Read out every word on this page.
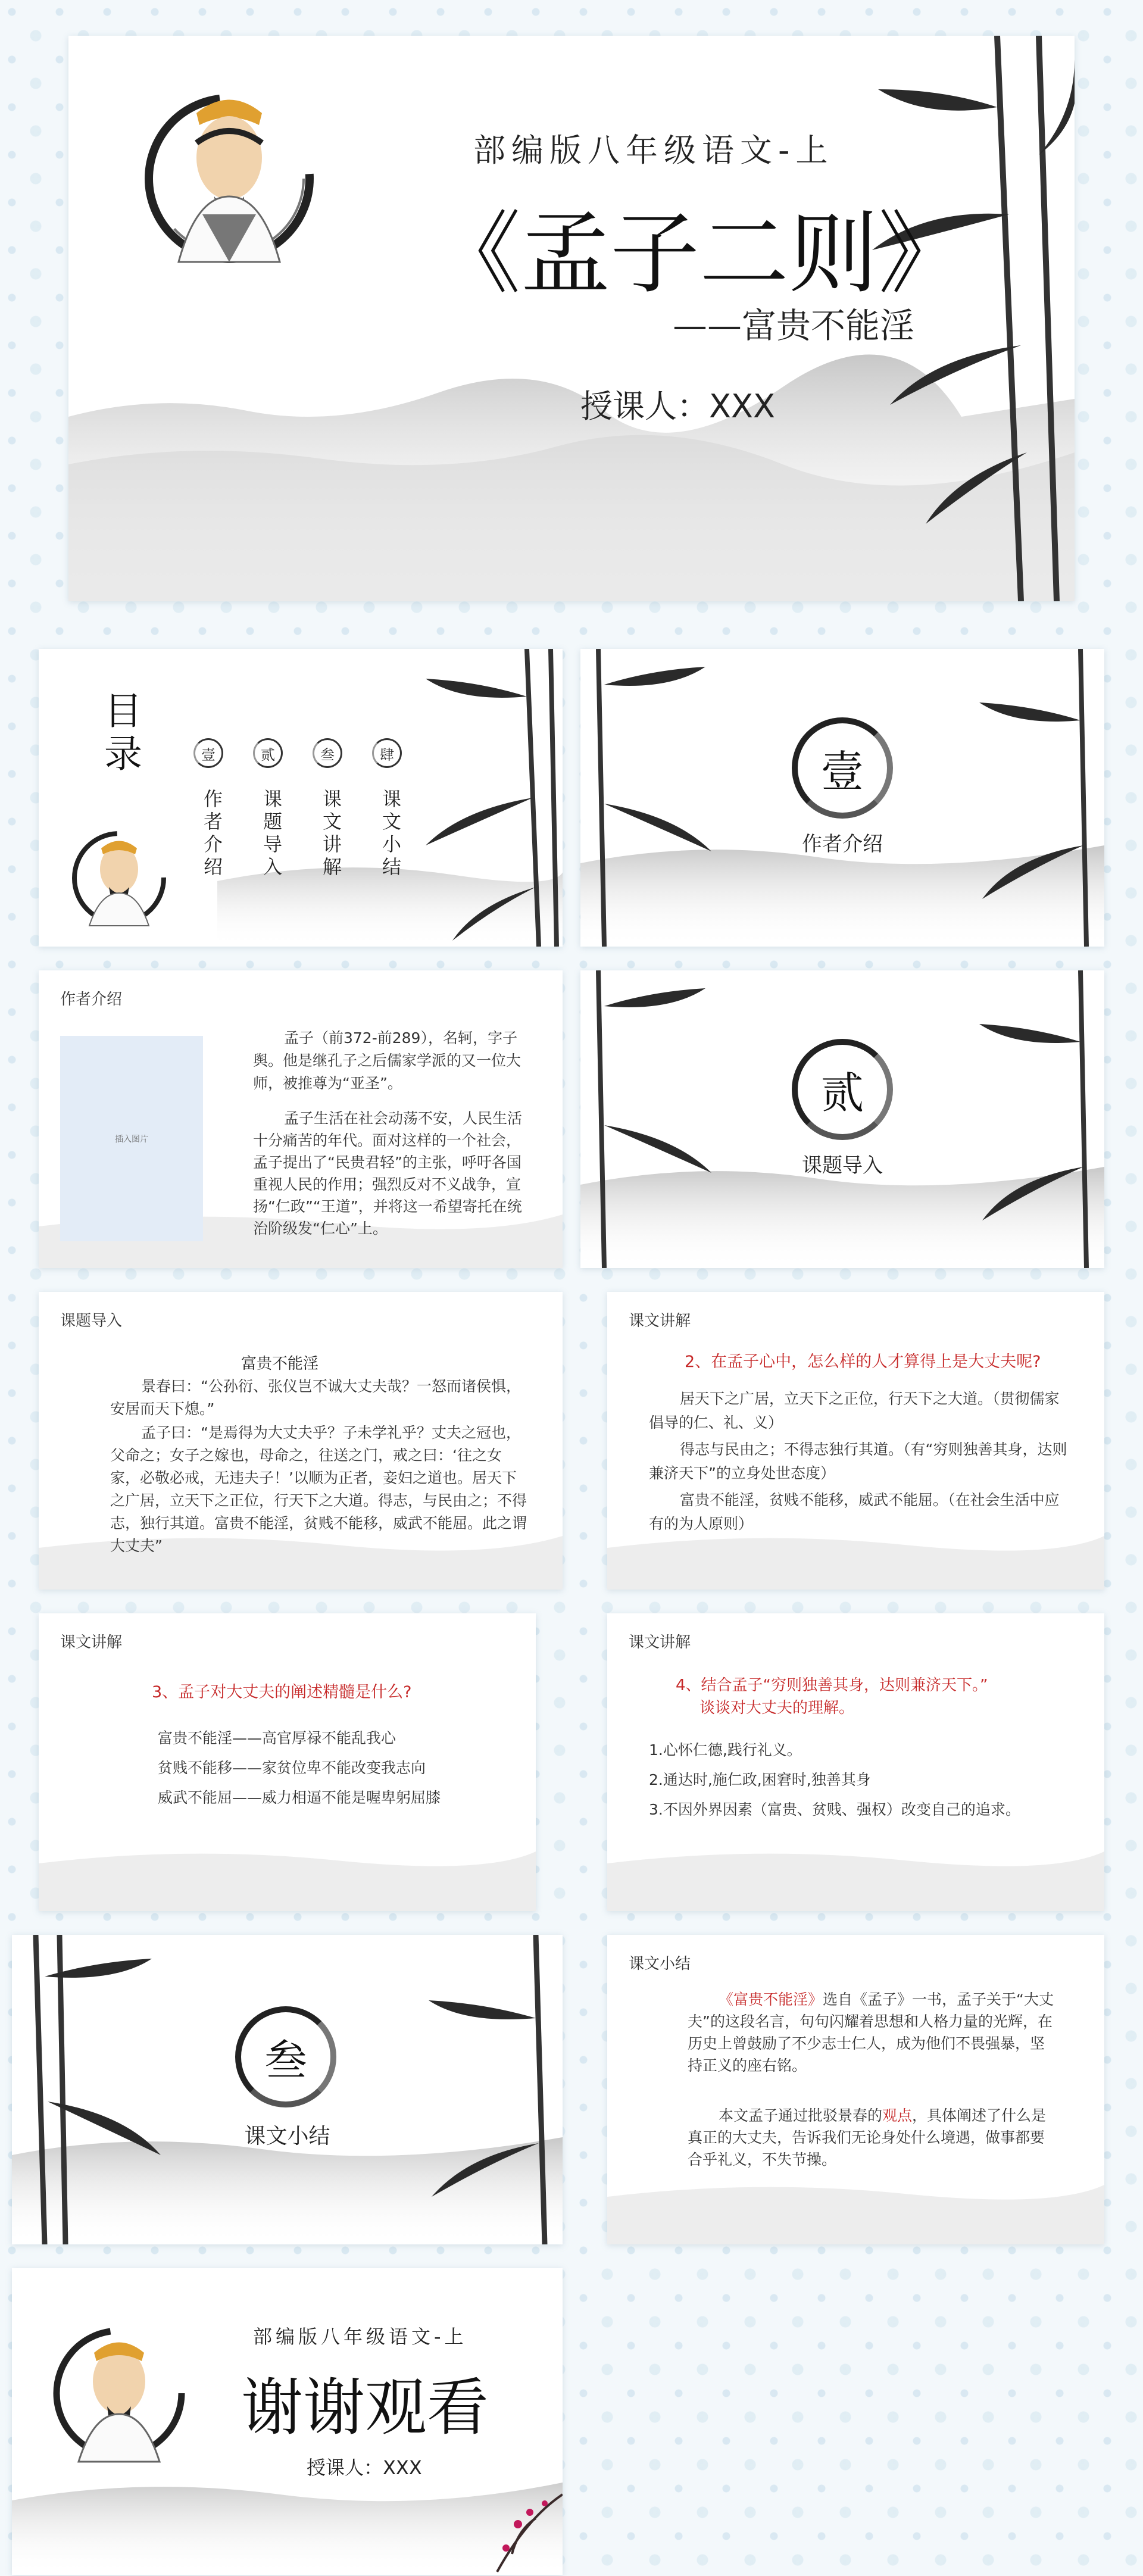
部编版八年级语文-上
《孟子二则》
——富贵不能淫
授课人：XXX
目录	壹
作者介绍
贰
课题导入
叁
课文讲解
肆
课文小结
壹
作者介绍
作者介绍
插入图片
孟子（前372-前289），名轲，字子舆。他是继孔子之后儒家学派的又一位大师，被推尊为“亚圣”。
孟子生活在社会动荡不安，人民生活十分痛苦的年代。面对这样的一个社会，孟子提出了“民贵君轻”的主张，呼吁各国重视人民的作用；强烈反对不义战争，宣扬“仁政”“王道”，并将这一希望寄托在统治阶级发“仁心”上。
贰
课题导入
课题导入
富贵不能淫
景春曰：“公孙衍、张仪岂不诚大丈夫哉？一怒而诸侯惧，安居而天下熄。”
孟子曰：“是焉得为大丈夫乎？子未学礼乎？丈夫之冠也，父命之；女子之嫁也，母命之，往送之门，戒之曰：‘往之女家，必敬必戒，无违夫子！’以顺为正者，妾妇之道也。居天下之广居，立天下之正位，行天下之大道。得志，与民由之；不得志，独行其道。富贵不能淫，贫贱不能移，威武不能屈。此之谓大丈夫”
课文讲解
2、在孟子心中，怎么样的人才算得上是大丈夫呢?
居天下之广居，立天下之正位，行天下之大道。（贯彻儒家倡导的仁、礼、义）
得志与民由之；不得志独行其道。（有“穷则独善其身，达则兼济天下”的立身处世态度）
富贵不能淫，贫贱不能移，威武不能屈。（在社会生活中应有的为人原则）
课文讲解
3、孟子对大丈夫的阐述精髓是什么?
富贵不能淫——高官厚禄不能乱我心
贫贱不能移——家贫位卑不能改变我志向
威武不能屈——威力相逼不能是喔卑躬屈膝
课文讲解
4、结合孟子“穷则独善其身，达则兼济天下。”
谈谈对大丈夫的理解。
1.心怀仁德,践行礼义。
2.通达时,施仁政,困窘时,独善其身
3.不因外界因素（富贵、贫贱、强权）改变自己的追求。
叁
课文小结
课文小结
《富贵不能淫》选自《孟子》一书，孟子关于“大丈夫”的这段名言，句句闪耀着思想和人格力量的光辉，在历史上曾鼓励了不少志士仁人，成为他们不畏强暴，坚持正义的座右铭。
本文孟子通过批驳景春的观点，具体阐述了什么是真正的大丈夫，告诉我们无论身处什么境遇，做事都要合乎礼义，不失节操。
部编版八年级语文-上
谢谢观看
授课人：XXX
